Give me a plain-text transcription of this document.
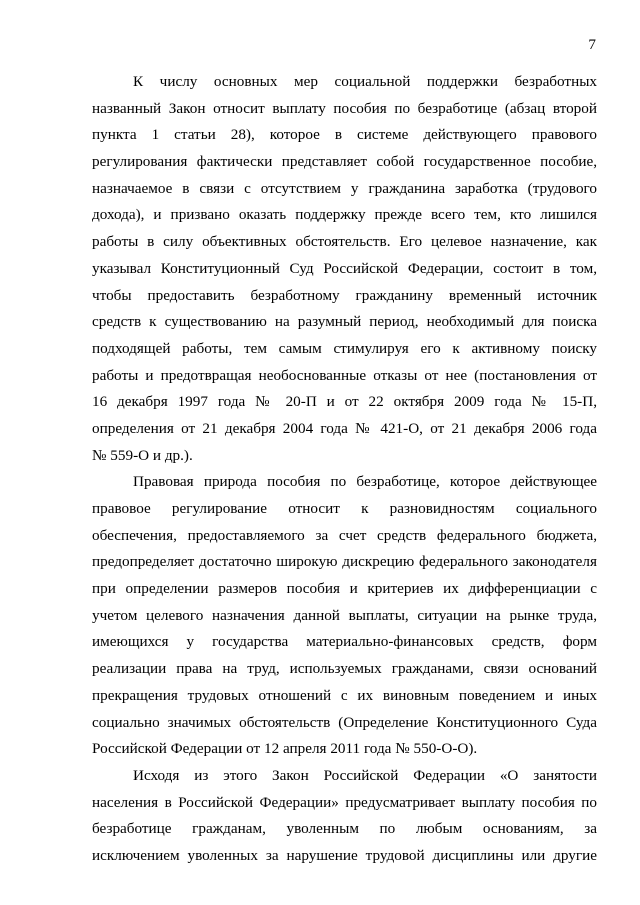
7
К числу основных мер социальной поддержки безработных
названный Закон относит выплату пособия по безработице (абзац второй
пункта 1 статьи 28), которое в системе действующего правового
регулирования фактически представляет собой государственное пособие,
назначаемое в связи с отсутствием у гражданина заработка (трудового
дохода), и призвано оказать поддержку прежде всего тем, кто лишился
работы в силу объективных обстоятельств. Его целевое назначение, как
указывал Конституционный Суд Российской Федерации, состоит в том,
чтобы предоставить безработному гражданину временный источник
средств к существованию на разумный период, необходимый для поиска
подходящей работы, тем самым стимулируя его к активному поиску
работы и предотвращая необоснованные отказы от нее (постановления от
16 декабря 1997 года № 20-П и от 22 октября 2009 года № 15-П,
определения от 21 декабря 2004 года № 421-О, от 21 декабря 2006 года
№ 559-О и др.).
Правовая природа пособия по безработице, которое действующее
правовое регулирование относит к разновидностям социального
обеспечения, предоставляемого за счет средств федерального бюджета,
предопределяет достаточно широкую дискрецию федерального законодателя
при определении размеров пособия и критериев их дифференциации с
учетом целевого назначения данной выплаты, ситуации на рынке труда,
имеющихся у государства материально-финансовых средств, форм
реализации права на труд, используемых гражданами, связи оснований
прекращения трудовых отношений с их виновным поведением и иных
социально значимых обстоятельств (Определение Конституционного Суда
Российской Федерации от 12 апреля 2011 года № 550-О-О).
Исходя из этого Закон Российской Федерации «О занятости
населения в Российской Федерации» предусматривает выплату пособия по
безработице гражданам, уволенным по любым основаниям, за
исключением уволенных за нарушение трудовой дисциплины или другие
